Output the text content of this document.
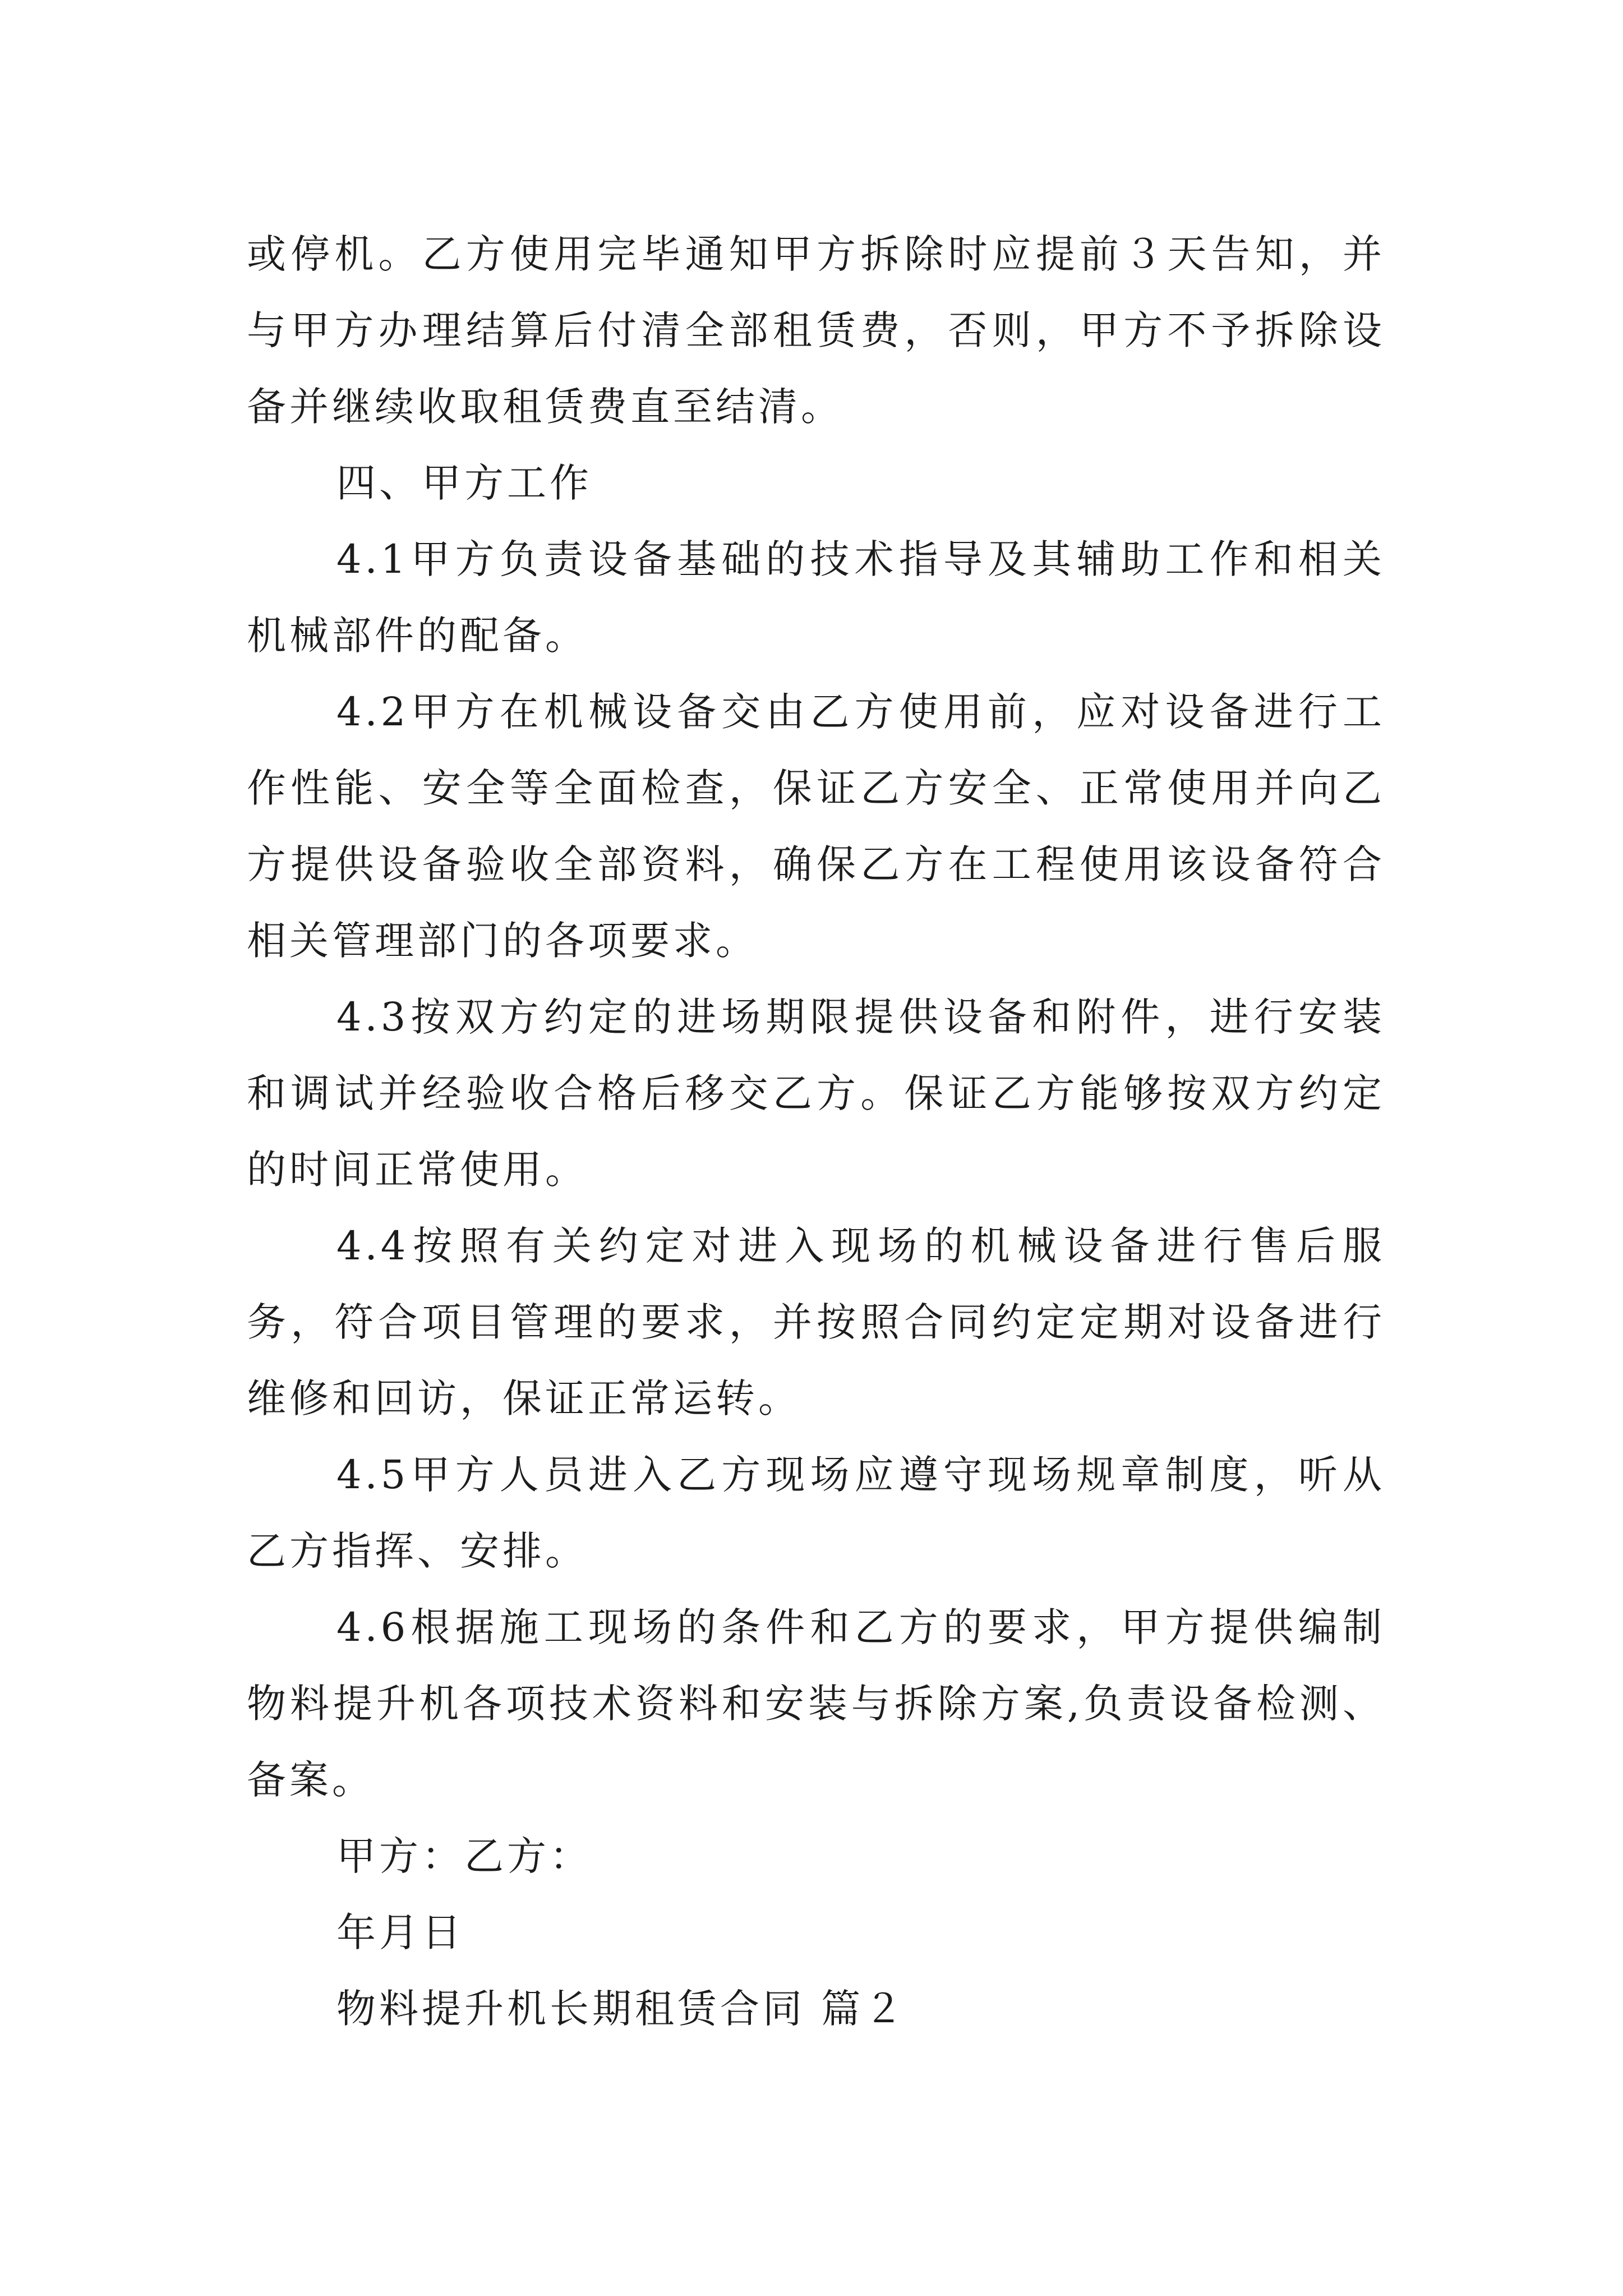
或停机。乙方使用完毕通知甲方拆除时应提前３天告知，并与甲方办理结算后付清全部租赁费，否则，甲方不予拆除设备并继续收取租赁费直至结清。

四、甲方工作

4.1甲方负责设备基础的技术指导及其辅助工作和相关机械部件的配备。

4.2甲方在机械设备交由乙方使用前，应对设备进行工作性能、安全等全面检查，保证乙方安全、正常使用并向乙方提供设备验收全部资料，确保乙方在工程使用该设备符合相关管理部门的各项要求。

4.3按双方约定的进场期限提供设备和附件，进行安装和调试并经验收合格后移交乙方。保证乙方能够按双方约定的时间正常使用。

4.4按照有关约定对进入现场的机械设备进行售后服务，符合项目管理的要求，并按照合同约定定期对设备进行维修和回访，保证正常运转。

4.5甲方人员进入乙方现场应遵守现场规章制度，听从乙方指挥、安排。

4.6根据施工现场的条件和乙方的要求，甲方提供编制物料提升机各项技术资料和安装与拆除方案,负责设备检测、备案。

甲方：乙方：

年月日

物料提升机长期租赁合同 篇２
